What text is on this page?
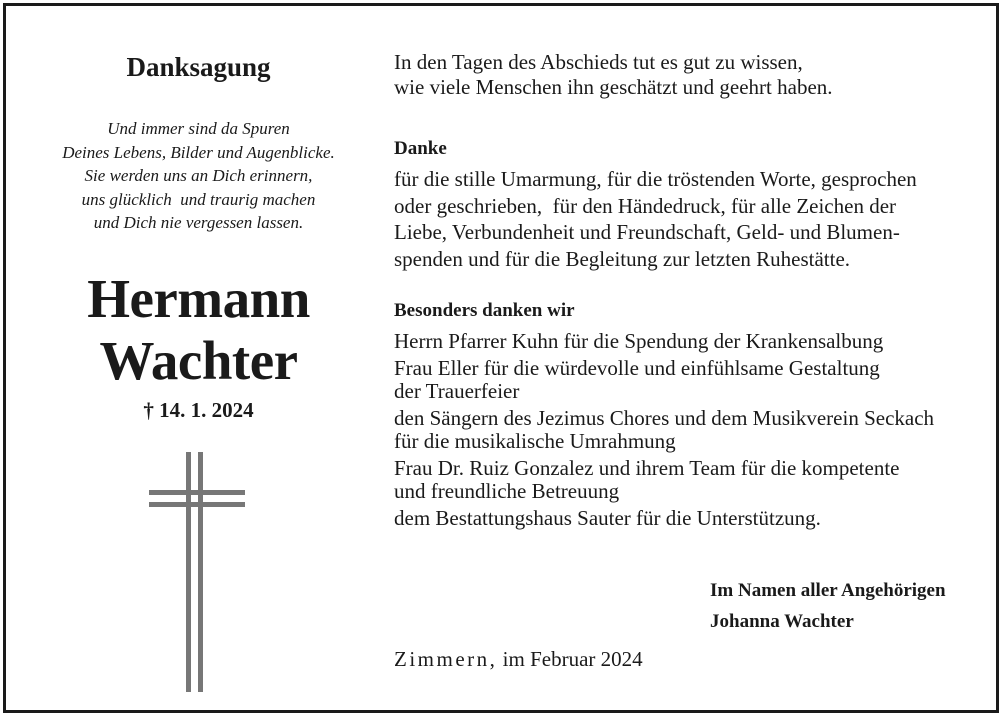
Danksagung
Und immer sind da Spuren
Deines Lebens, Bilder und Augenblicke.
Sie werden uns an Dich erinnern,
uns glücklich  und traurig machen
und Dich nie vergessen lassen.
Hermann
Wachter
† 14. 1. 2024
In den Tagen des Abschieds tut es gut zu wissen,
wie viele Menschen ihn geschätzt und geehrt haben.
Danke
für die stille Umarmung, für die tröstenden Worte, gesprochen
oder geschrieben,  für den Händedruck, für alle Zeichen der
Liebe, Verbundenheit und Freundschaft, Geld- und Blumen-
spenden und für die Begleitung zur letzten Ruhestätte.
Besonders danken wir
Herrn Pfarrer Kuhn für die Spendung der Krankensalbung
Frau Eller für die würdevolle und einfühlsame Gestaltung
der Trauerfeier
den Sängern des Jezimus Chores und dem Musikverein Seckach
für die musikalische Umrahmung
Frau Dr. Ruiz Gonzalez und ihrem Team für die kompetente
und freundliche Betreuung
dem Bestattungshaus Sauter für die Unterstützung.
Im Namen aller Angehörigen
Johanna Wachter
Zimmern, im Februar 2024
